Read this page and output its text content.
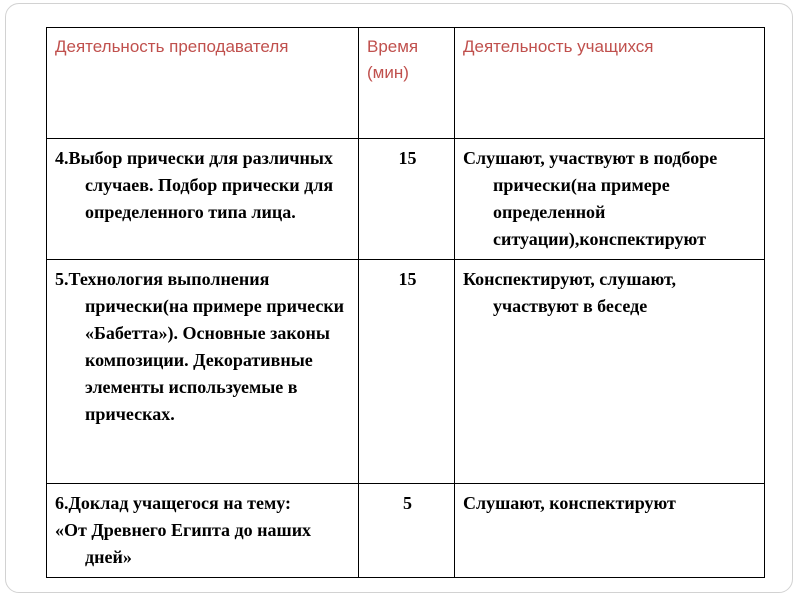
Деятельность преподавателя	Время (мин)	Деятельность учащихся

4.Выбор прически для различных случаев. Подбор прически для определенного типа лица.	15	Слушают, участвуют в подборе прически(на примере определенной ситуации),конспектируют

5.Технология выполнения прически(на примере прически «Бабетта»). Основные законы композиции. Декоративные элементы используемые в прическах.	15	Конспектируют, слушают, участвуют в беседе

6.Доклад учащегося на тему:
«От Древнего Египта до наших дней»	5	Слушают, конспектируют
